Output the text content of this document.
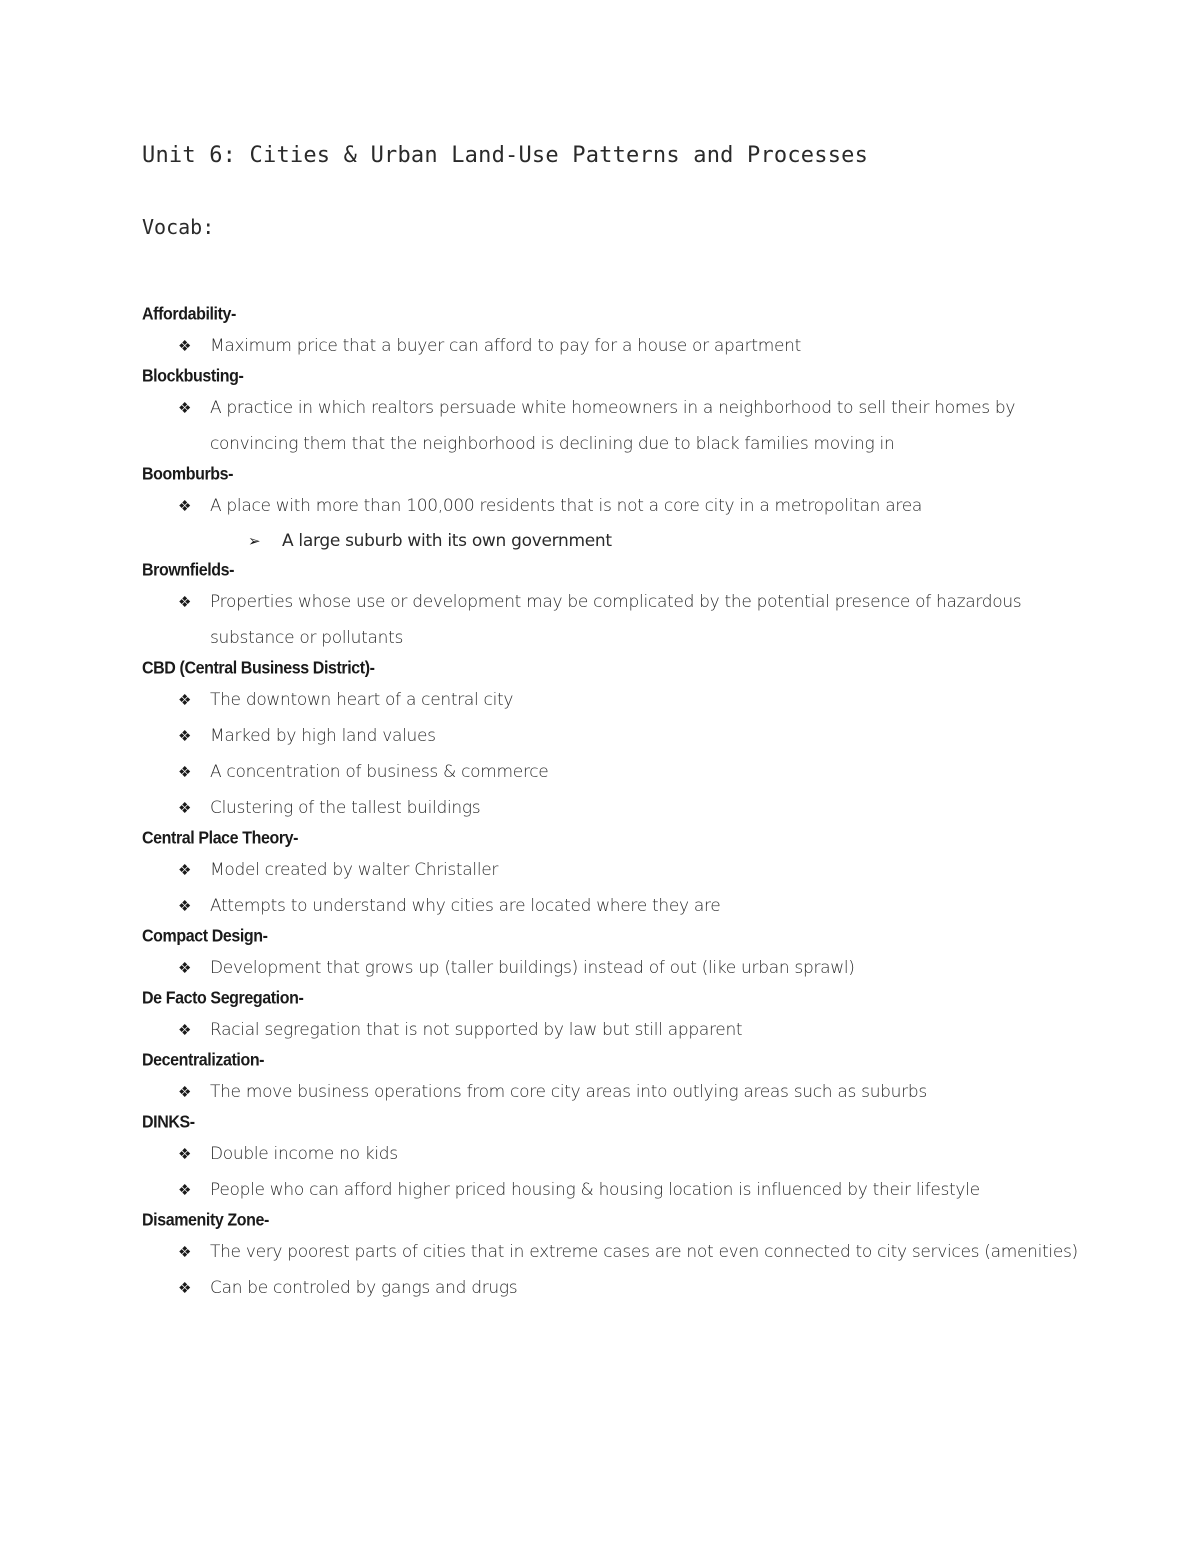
Unit 6: Cities & Urban Land-Use Patterns and Processes
Vocab:
Affordability-
❖ Maximum price that a buyer can afford to pay for a house or apartment
Blockbusting-
❖ A practice in which realtors persuade white homeowners in a neighborhood to sell their homes by convincing them that the neighborhood is declining due to black families moving in
Boomburbs-
❖ A place with more than 100,000 residents that is not a core city in a metropolitan area
➢ A large suburb with its own government
Brownfields-
❖ Properties whose use or development may be complicated by the potential presence of hazardous substance or pollutants
CBD (Central Business District)-
❖ The downtown heart of a central city
❖ Marked by high land values
❖ A concentration of business & commerce
❖ Clustering of the tallest buildings
Central Place Theory-
❖ Model created by walter Christaller
❖ Attempts to understand why cities are located where they are
Compact Design-
❖ Development that grows up (taller buildings) instead of out (like urban sprawl)
De Facto Segregation-
❖ Racial segregation that is not supported by law but still apparent
Decentralization-
❖ The move business operations from core city areas into outlying areas such as suburbs
DINKS-
❖ Double income no kids
❖ People who can afford higher priced housing & housing location is influenced by their lifestyle
Disamenity Zone-
❖ The very poorest parts of cities that in extreme cases are not even connected to city services (amenities)
❖ Can be controled by gangs and drugs
